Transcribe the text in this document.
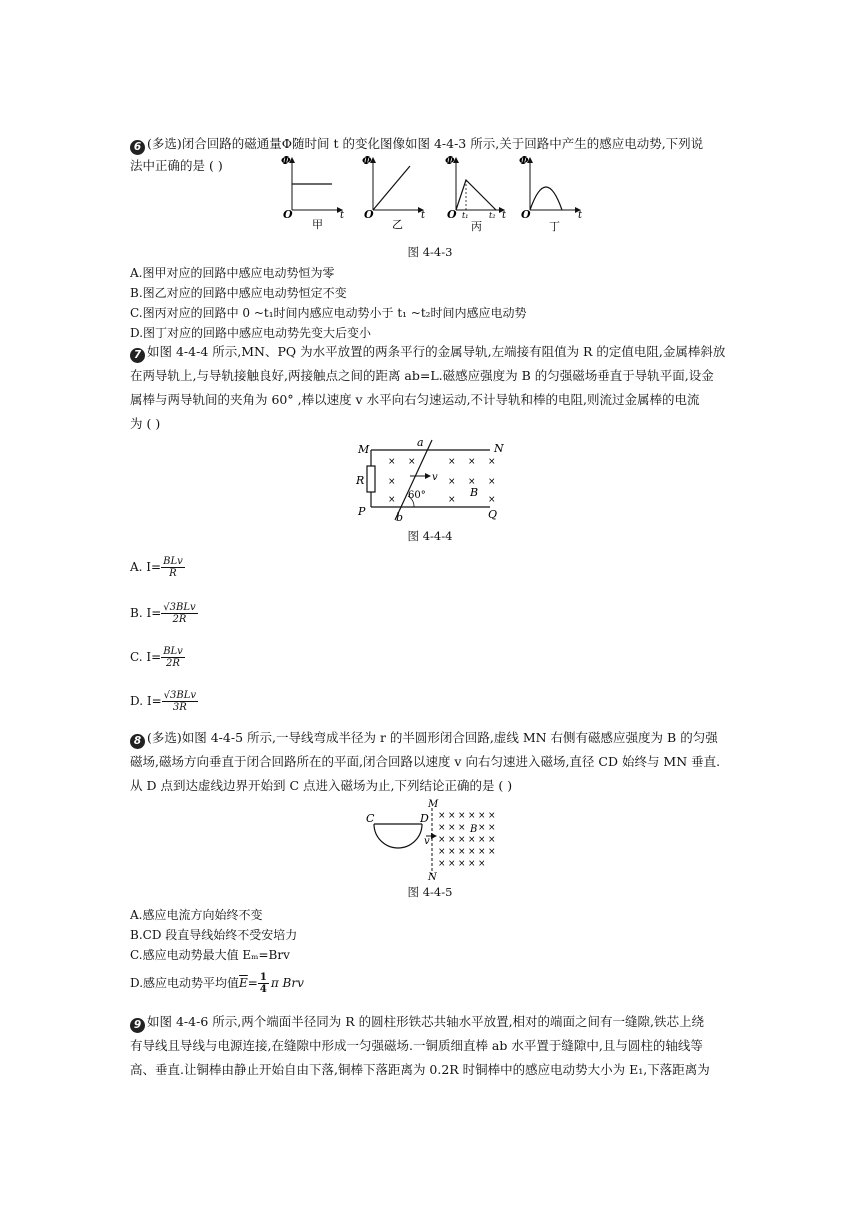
6 (多选)闭合回路的磁通量Φ随时间 t 的变化图像如图 4-4-3 所示,关于回路中产生的感应电动势,下列说
法中正确的是 ( )	Φ
O	t
甲
Φ
O	t
乙
Φ
O t₁	t₂ t
丙
Φ
O	t
丁
图 4-4-3
A.图甲对应的回路中感应电动势恒为零
B.图乙对应的回路中感应电动势恒定不变
C.图丙对应的回路中 0 ~t₁时间内感应电动势小于 t₁ ~t₂时间内感应电动势
D.图丁对应的回路中感应电动势先变大后变小
7 如图 4-4-4 所示,MN、PQ 为水平放置的两条平行的金属导轨,左端接有阻值为 R 的定值电阻,金属棒斜放
在两导轨上,与导轨接触良好,两接触点之间的距离 ab=L.磁感应强度为 B 的匀强磁场垂直于导轨平面,设金
属棒与两导轨间的夹角为 60° ,棒以速度 v 水平向右匀速运动,不计导轨和棒的电阻,则流过金属棒的电流
为 ( )
× ×	× × ×
×	× × ×
×	×	×
M	N
P	Q
a
b
R
B
v
60°
图 4-4-4
A. $I= \frac{\text{BLv}}{R}$
B. $I= \frac{\text{√3BLv}}{2R}$
C. $I= \frac{\text{BLv}}{2R}$
D. $I= \frac{\text{√3BLv}}{3R}$
8 (多选)如图 4-4-5 所示,一导线弯成半径为 r 的半圆形闭合回路,虚线 MN 右侧有磁感应强度为 B 的匀强
磁场,磁场方向垂直于闭合回路所在的平面,闭合回路以速度 v 向右匀速进入磁场,直径 CD 始终与 MN 垂直.
从 D 点到达虚线边界开始到 C 点进入磁场为止,下列结论正确的是 ( )
C	D
M
N
v
B
× × × × × ×
× × × × ×
× × × × × ×
× × × × × ×
× × × × ×
图 4-4-5
A.感应电流方向始终不变
B.CD 段直导线始终不受安培力
C.感应电动势最大值 Eₘ=Brv
D.感应电动势平均值$\overline{E}= \frac{1}{4}$ π Brv
9 如图 4-4-6 所示,两个端面半径同为 R 的圆柱形铁芯共轴水平放置,相对的端面之间有一缝隙,铁芯上绕
有导线且导线与电源连接,在缝隙中形成一匀强磁场.一铜质细直棒 ab 水平置于缝隙中,且与圆柱的轴线等
高、垂直.让铜棒由静止开始自由下落,铜棒下落距离为 0.2R 时铜棒中的感应电动势大小为 E₁,下落距离为
